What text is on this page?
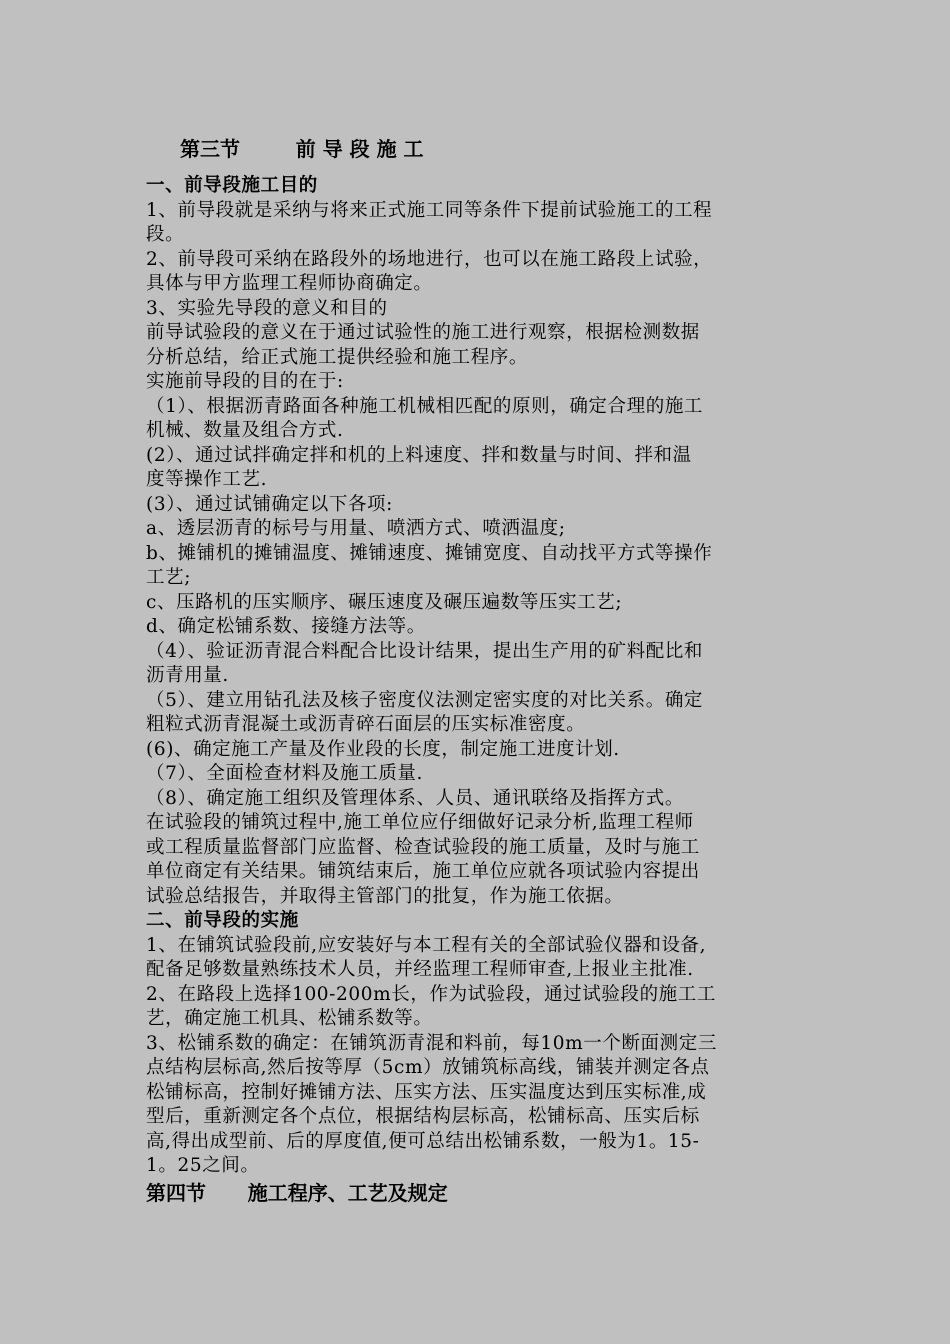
第三节        前 导 段 施 工
一、前导段施工目的
1、前导段就是采纳与将来正式施工同等条件下提前试验施工的工程
段。
2、前导段可采纳在路段外的场地进行，也可以在施工路段上试验，
具体与甲方监理工程师协商确定。
3、实验先导段的意义和目的
前导试验段的意义在于通过试验性的施工进行观察，根据检测数据
分析总结，给正式施工提供经验和施工程序。
实施前导段的目的在于:
（1）、根据沥青路面各种施工机械相匹配的原则，确定合理的施工
机械、数量及组合方式.
(2）、通过试拌确定拌和机的上料速度、拌和数量与时间、拌和温
度等操作工艺.
(3）、通过试铺确定以下各项:
a、透层沥青的标号与用量、喷洒方式、喷洒温度;
b、摊铺机的摊铺温度、摊铺速度、摊铺宽度、自动找平方式等操作
工艺;
c、压路机的压实顺序、碾压速度及碾压遍数等压实工艺;
d、确定松铺系数、接缝方法等。
（4）、验证沥青混合料配合比设计结果，提出生产用的矿料配比和
沥青用量.
（5）、建立用钻孔法及核子密度仪法测定密实度的对比关系。确定
粗粒式沥青混凝土或沥青碎石面层的压实标准密度。
(6)、确定施工产量及作业段的长度，制定施工进度计划.
（7）、全面检查材料及施工质量.
（8）、确定施工组织及管理体系、人员、通讯联络及指挥方式。
在试验段的铺筑过程中,施工单位应仔细做好记录分析,监理工程师
或工程质量监督部门应监督、检查试验段的施工质量，及时与施工
单位商定有关结果。铺筑结束后，施工单位应就各项试验内容提出
试验总结报告，并取得主管部门的批复，作为施工依据。
二、前导段的实施
1、在铺筑试验段前,应安装好与本工程有关的全部试验仪器和设备,
配备足够数量熟练技术人员，并经监理工程师审查,上报业主批准.
2、在路段上选择100-200m长，作为试验段，通过试验段的施工工
艺，确定施工机具、松铺系数等。
3、松铺系数的确定：在铺筑沥青混和料前，每10m一个断面测定三
点结构层标高,然后按等厚（5cm）放铺筑标高线，铺装并测定各点
松铺标高，控制好摊铺方法、压实方法、压实温度达到压实标准,成
型后，重新测定各个点位，根据结构层标高，松铺标高、压实后标
高,得出成型前、后的厚度值,便可总结出松铺系数，一般为1。15-
1。25之间。
第四节      施工程序、工艺及规定
